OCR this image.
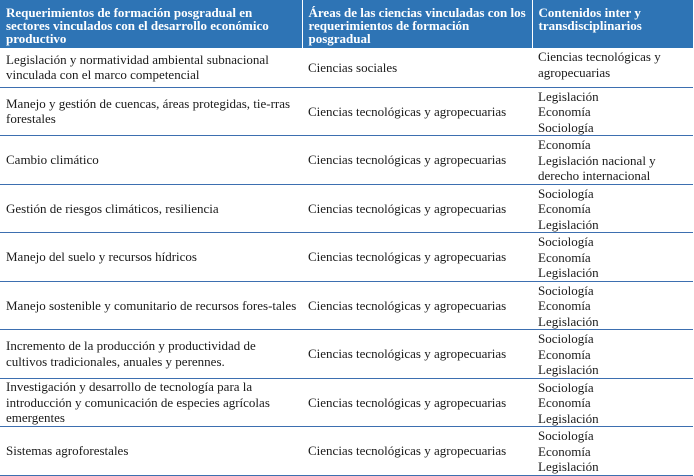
Requerimientos de formación posgradual en sectores vinculados con el desarrollo económico productivo	Áreas de las ciencias vinculadas con los requerimientos de formación posgradual	Contenidos inter y transdisciplinarios
Legislación y normatividad ambiental subnacional vinculada con el marco competencial	Ciencias sociales	Ciencias tecnológicas y
agropecuarias

Manejo y gestión de cuencas, áreas protegidas, tie-rras forestales	Ciencias tecnológicas y agropecuarias	Legislación
Economía
Sociología

Cambio climático	Ciencias tecnológicas y agropecuarias	Economía
Legislación nacional y
derecho internacional

Gestión de riesgos climáticos, resiliencia	Ciencias tecnológicas y agropecuarias	Sociología
Economía
Legislación

Manejo del suelo y recursos hídricos	Ciencias tecnológicas y agropecuarias	Sociología
Economía
Legislación

Manejo sostenible y comunitario de recursos fores-tales	Ciencias tecnológicas y agropecuarias	Sociología
Economía
Legislación

Incremento de la producción y productividad de cultivos tradicionales, anuales y perennes.	Ciencias tecnológicas y agropecuarias	Sociología
Economía
Legislación

Investigación y desarrollo de tecnología para la introducción y comunicación de especies agrícolas emergentes	Ciencias tecnológicas y agropecuarias	Sociología
Economía
Legislación

Sistemas agroforestales	Ciencias tecnológicas y agropecuarias	Sociología
Economía
Legislación
